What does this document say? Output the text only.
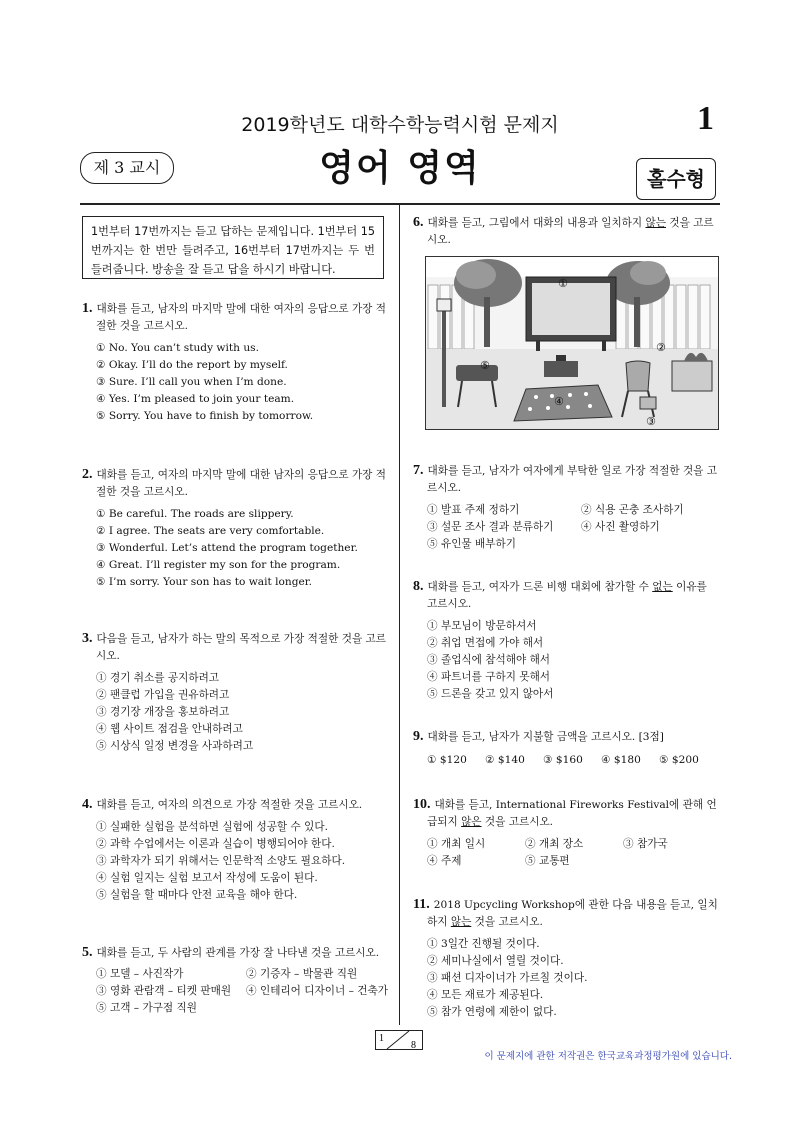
2019학년도 대학수학능력시험 문제지	1
제 3 교시	영어 영역	홀수형
1번부터 17번까지는 듣고 답하는 문제입니다. 1번부터 15번까지는 한 번만 들려주고, 16번부터 17번까지는 두 번 들려줍니다. 방송을 잘 듣고 답을 하시기 바랍니다.
1. 대화를 듣고, 남자의 마지막 말에 대한 여자의 응답으로 가장 적절한 것을 고르시오.
① No. You can’t study with us.
② Okay. I’ll do the report by myself.
③ Sure. I’ll call you when I’m done.
④ Yes. I’m pleased to join your team.
⑤ Sorry. You have to finish by tomorrow.
2. 대화를 듣고, 여자의 마지막 말에 대한 남자의 응답으로 가장 적절한 것을 고르시오.
① Be careful. The roads are slippery.
② I agree. The seats are very comfortable.
③ Wonderful. Let’s attend the program together.
④ Great. I’ll register my son for the program.
⑤ I’m sorry. Your son has to wait longer.
3. 다음을 듣고, 남자가 하는 말의 목적으로 가장 적절한 것을 고르시오.
① 경기 취소를 공지하려고
② 팬클럽 가입을 권유하려고
③ 경기장 개장을 홍보하려고
④ 웹 사이트 점검을 안내하려고
⑤ 시상식 일정 변경을 사과하려고
4. 대화를 듣고, 여자의 의견으로 가장 적절한 것을 고르시오.
① 실패한 실험을 분석하면 실험에 성공할 수 있다.
② 과학 수업에서는 이론과 실습이 병행되어야 한다.
③ 과학자가 되기 위해서는 인문학적 소양도 필요하다.
④ 실험 일지는 실험 보고서 작성에 도움이 된다.
⑤ 실험을 할 때마다 안전 교육을 해야 한다.
5. 대화를 듣고, 두 사람의 관계를 가장 잘 나타낸 것을 고르시오.
① 모델 – 사진작가	② 기증자 – 박물관 직원
③ 영화 관람객 – 티켓 판매원	④ 인테리어 디자이너 – 건축가
⑤ 고객 – 가구점 직원
6. 대화를 듣고, 그림에서 대화의 내용과 일치하지 않는 것을 고르시오.
①
②
③
④
⑤
7. 대화를 듣고, 남자가 여자에게 부탁한 일로 가장 적절한 것을 고르시오.
① 발표 주제 정하기	② 식용 곤충 조사하기
③ 설문 조사 결과 분류하기	④ 사진 촬영하기
⑤ 유인물 배부하기
8. 대화를 듣고, 여자가 드론 비행 대회에 참가할 수 없는 이유를 고르시오.
① 부모님이 방문하셔서
② 취업 면접에 가야 해서
③ 졸업식에 참석해야 해서
④ 파트너를 구하지 못해서
⑤ 드론을 갖고 있지 않아서
9. 대화를 듣고, 남자가 지불할 금액을 고르시오. [3점]
① $120	② $140	③ $160	④ $180	⑤ $200
10. 대화를 듣고, International Fireworks Festival에 관해 언급되지 않은 것을 고르시오.
① 개최 일시	② 개최 장소	③ 참가국
④ 주제	⑤ 교통편
11. 2018 Upcycling Workshop에 관한 다음 내용을 듣고, 일치하지 않는 것을 고르시오.
① 3일간 진행될 것이다.
② 세미나실에서 열릴 것이다.
③ 패션 디자이너가 가르칠 것이다.
④ 모든 재료가 제공된다.
⑤ 참가 연령에 제한이 없다.
1
8
이 문제지에 관한 저작권은 한국교육과정평가원에 있습니다.
